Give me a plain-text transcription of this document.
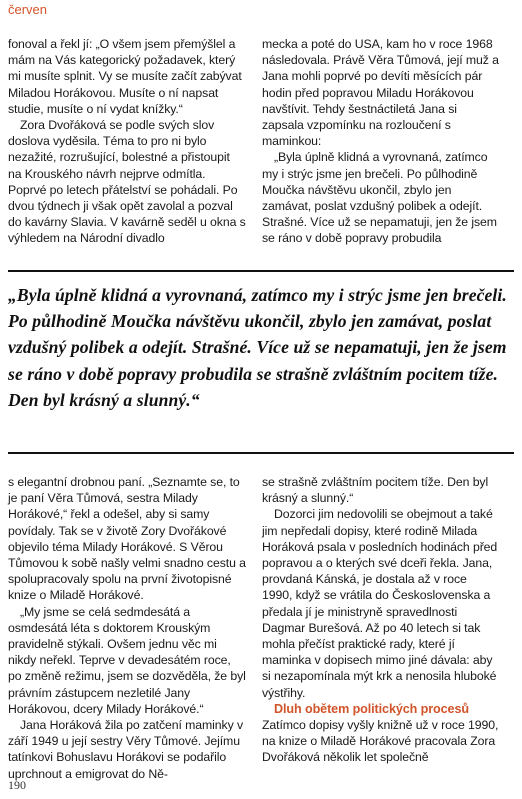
červen

fonoval a řekl jí: „O všem jsem přemýšlel a mám na Vás kategorický požadavek, který mi musíte splnit. Vy se musíte začít zabývat Miladou Horákovou. Musíte o ní napsat studie, musíte o ní vydat knížky.“

Zora Dvořáková se podle svých slov doslova vyděsila. Téma to pro ni bylo nezažité, rozrušující, bolestné a přistoupit na Krouského návrh nejprve odmítla. Poprvé po letech přátelství se pohádali. Po dvou týdnech ji však opět zavolal a pozval do kavárny Slavia. V kavárně seděl u okna s výhledem na Národní divadlo

mecka a poté do USA, kam ho v roce 1968 následovala. Právě Věra Tůmová, její muž a Jana mohli poprvé po devíti měsících pár hodin před popravou Miladu Horákovou navštívit. Tehdy šestnáctiletá Jana si zapsala vzpomínku na rozloučení s maminkou:

„Byla úplně klidná a vyrovnaná, zatímco my i strýc jsme jen brečeli. Po půlhodině Moučka návštěvu ukončil, zbylo jen zamávat, poslat vzdušný polibek a odejít. Strašné. Více už se nepamatuji, jen že jsem se ráno v době popravy probudila

„Byla úplně klidná a vyrovnaná, zatímco my i strýc jsme jen brečeli. Po půlhodině Moučka návštěvu ukončil, zbylo jen zamávat, poslat vzdušný polibek a odejít. Strašné. Více už se nepamatuji, jen že jsem se ráno v době popravy probudila se strašně zvláštním pocitem tíže. Den byl krásný a slunný.“

s elegantní drobnou paní. „Seznamte se, to je paní Věra Tůmová, sestra Milady Horákové,“ řekl a odešel, aby si samy povídaly. Tak se v životě Zory Dvořákové objevilo téma Milady Horákové. S Věrou Tůmovou k sobě našly velmi snadno cestu a spolupracovaly spolu na první životopisné knize o Miladě Horákové.

„My jsme se celá sedmdesátá a osmdesátá léta s doktorem Krouským pravidelně stýkali. Ovšem jednu věc mi nikdy neřekl. Teprve v devadesátém roce, po změně režimu, jsem se dozvěděla, že byl právním zástupcem nezletilé Jany Horákovou, dcery Milady Horákové.“

Jana Horáková žila po zatčení maminky v září 1949 u její sestry Věry Tůmové. Jejímu tatínkovi Bohuslavu Horákovi se podařilo uprchnout a emigrovat do Ně-

se strašně zvláštním pocitem tíže. Den byl krásný a slunný.“

Dozorci jim nedovolili se obejmout a také jim nepředali dopisy, které rodině Milada Horáková psala v posledních hodinách před popravou a o kterých své dceři řekla. Jana, provdaná Kánská, je dostala až v roce 1990, když se vrátila do Československa a předala jí je ministryně spravedlnosti Dagmar Burešová. Až po 40 letech si tak mohla přečíst praktické rady, které jí maminka v dopisech mimo jiné dávala: aby si nezapomínala mýt krk a nenosila hluboké výstřihy.

Dluh obětem politických procesů

Zatímco dopisy vyšly knižně už v roce 1990, na knize o Miladě Horákové pracovala Zora Dvořáková několik let společně

190
